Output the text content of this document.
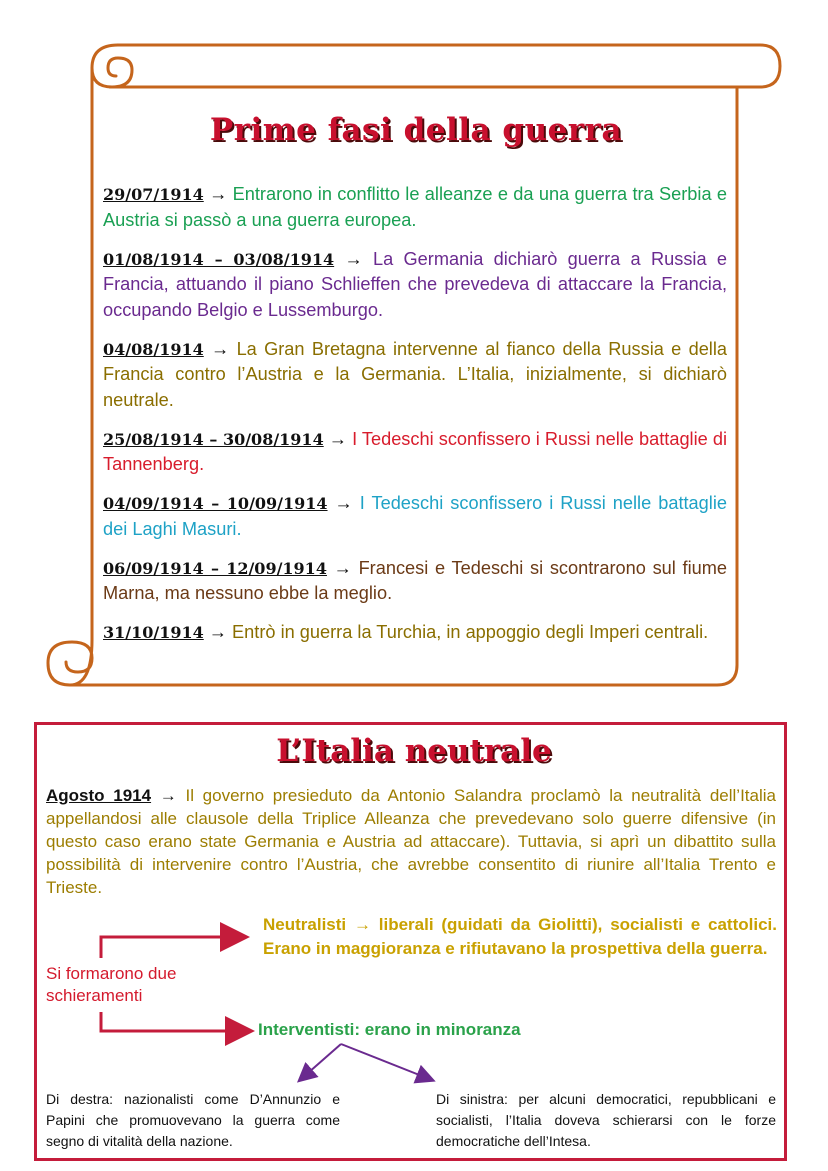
Prime fasi della guerra
29/07/1914 → Entrarono in conflitto le alleanze e da una guerra tra Serbia e Austria si passò a una guerra europea.
01/08/1914 – 03/08/1914 → La Germania dichiarò guerra a Russia e Francia, attuando il piano Schlieffen che prevedeva di attaccare la Francia, occupando Belgio e Lussemburgo.
04/08/1914 → La Gran Bretagna intervenne al fianco della Russia e della Francia contro l’Austria e la Germania. L’Italia, inizialmente, si dichiarò neutrale.
25/08/1914 – 30/08/1914 → I Tedeschi sconfissero i Russi nelle battaglie di Tannenberg.
04/09/1914 – 10/09/1914 → I Tedeschi sconfissero i Russi nelle battaglie dei Laghi Masuri.
06/09/1914 – 12/09/1914 → Francesi e Tedeschi si scontrarono sul fiume Marna, ma nessuno ebbe la meglio.
31/10/1914 → Entrò in guerra la Turchia, in appoggio degli Imperi centrali.
L’Italia neutrale
Agosto 1914 → Il governo presieduto da Antonio Salandra proclamò la neutralità dell’Italia appellandosi alle clausole della Triplice Alleanza che prevedevano solo guerre difensive (in questo caso erano state Germania e Austria ad attaccare). Tuttavia, si aprì un dibattito sulla possibilità di intervenire contro l’Austria, che avrebbe consentito di riunire all’Italia Trento e Trieste.
Neutralisti → liberali (guidati da Giolitti), socialisti e cattolici. Erano in maggioranza e rifiutavano la prospettiva della guerra.
Si formarono due schieramenti
Interventisti: erano in minoranza
Di destra: nazionalisti come D’Annunzio e Papini che promuovevano la guerra come segno di vitalità della nazione.
Di sinistra: per alcuni democratici, repubblicani e socialisti, l’Italia doveva schierarsi con le forze democratiche dell’Intesa.
